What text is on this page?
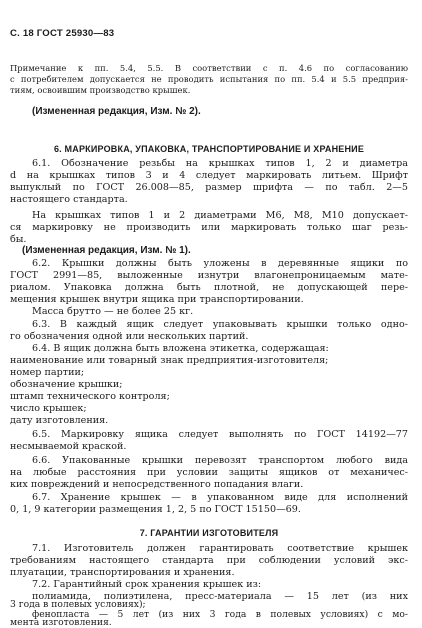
С. 18 ГОСТ 25930—83
Примечание к пп. 5.4, 5.5. В соответствии с п. 4.6 по согласованию
с потребителем допускается не проводить испытания по пп. 5.4 и 5.5 предприя-
тиям, освоившим производство крышек.
(Измененная редакция, Изм. № 2).
6. МАРКИРОВКА, УПАКОВКА, ТРАНСПОРТИРОВАНИЕ И ХРАНЕНИЕ
6.1. Обозначение резьбы на крышках типов 1, 2 и диаметра
d на крышках типов 3 и 4 следует маркировать литьем. Шрифт
выпуклый по ГОСТ 26.008—85, размер шрифта — по табл. 2—5
настоящего стандарта.
На крышках типов 1 и 2 диаметрами М6, М8, М10 допускает-
ся маркировку не производить или маркировать только шаг резь-
бы.
(Измененная редакция, Изм. № 1).
6.2. Крышки должны быть уложены в деревянные ящики по
ГОСТ 2991—85, выложенные изнутри влагонепроницаемым мате-
риалом. Упаковка должна быть плотной, не допускающей пере-
мещения крышек внутри ящика при транспортировании.
Масса брутто — не более 25 кг.
6.3. В каждый ящик следует упаковывать крышки только одно-
го обозначения одной или нескольких партий.
6.4. В ящик должна быть вложена этикетка, содержащая:
наименование или товарный знак предприятия-изготовителя;
номер партии;
обозначение крышки;
штамп технического контроля;
число крышек;
дату изготовления.
6.5. Маркировку ящика следует выполнять по ГОСТ 14192—77
несмываемой краской.
6.6. Упакованные крышки перевозят транспортом любого вида
на любые расстояния при условии защиты ящиков от механичес-
ких повреждений и непосредственного попадания влаги.
6.7. Хранение крышек — в упакованном виде для исполнений
0, 1, 9 категории размещения 1, 2, 5 по ГОСТ 15150—69.
7. ГАРАНТИИ ИЗГОТОВИТЕЛЯ
7.1. Изготовитель должен гарантировать соответствие крышек
требованиям настоящего стандарта при соблюдении условий экс-
плуатации, транспортирования и хранения.
7.2. Гарантийный срок хранения крышек из:
полиамида, полиэтилена, пресс-материала — 15 лет (из них
3 года в полевых условиях);
фенопласта — 5 лет (из них 3 года в полевых условиях) с мо-
мента изготовления.
